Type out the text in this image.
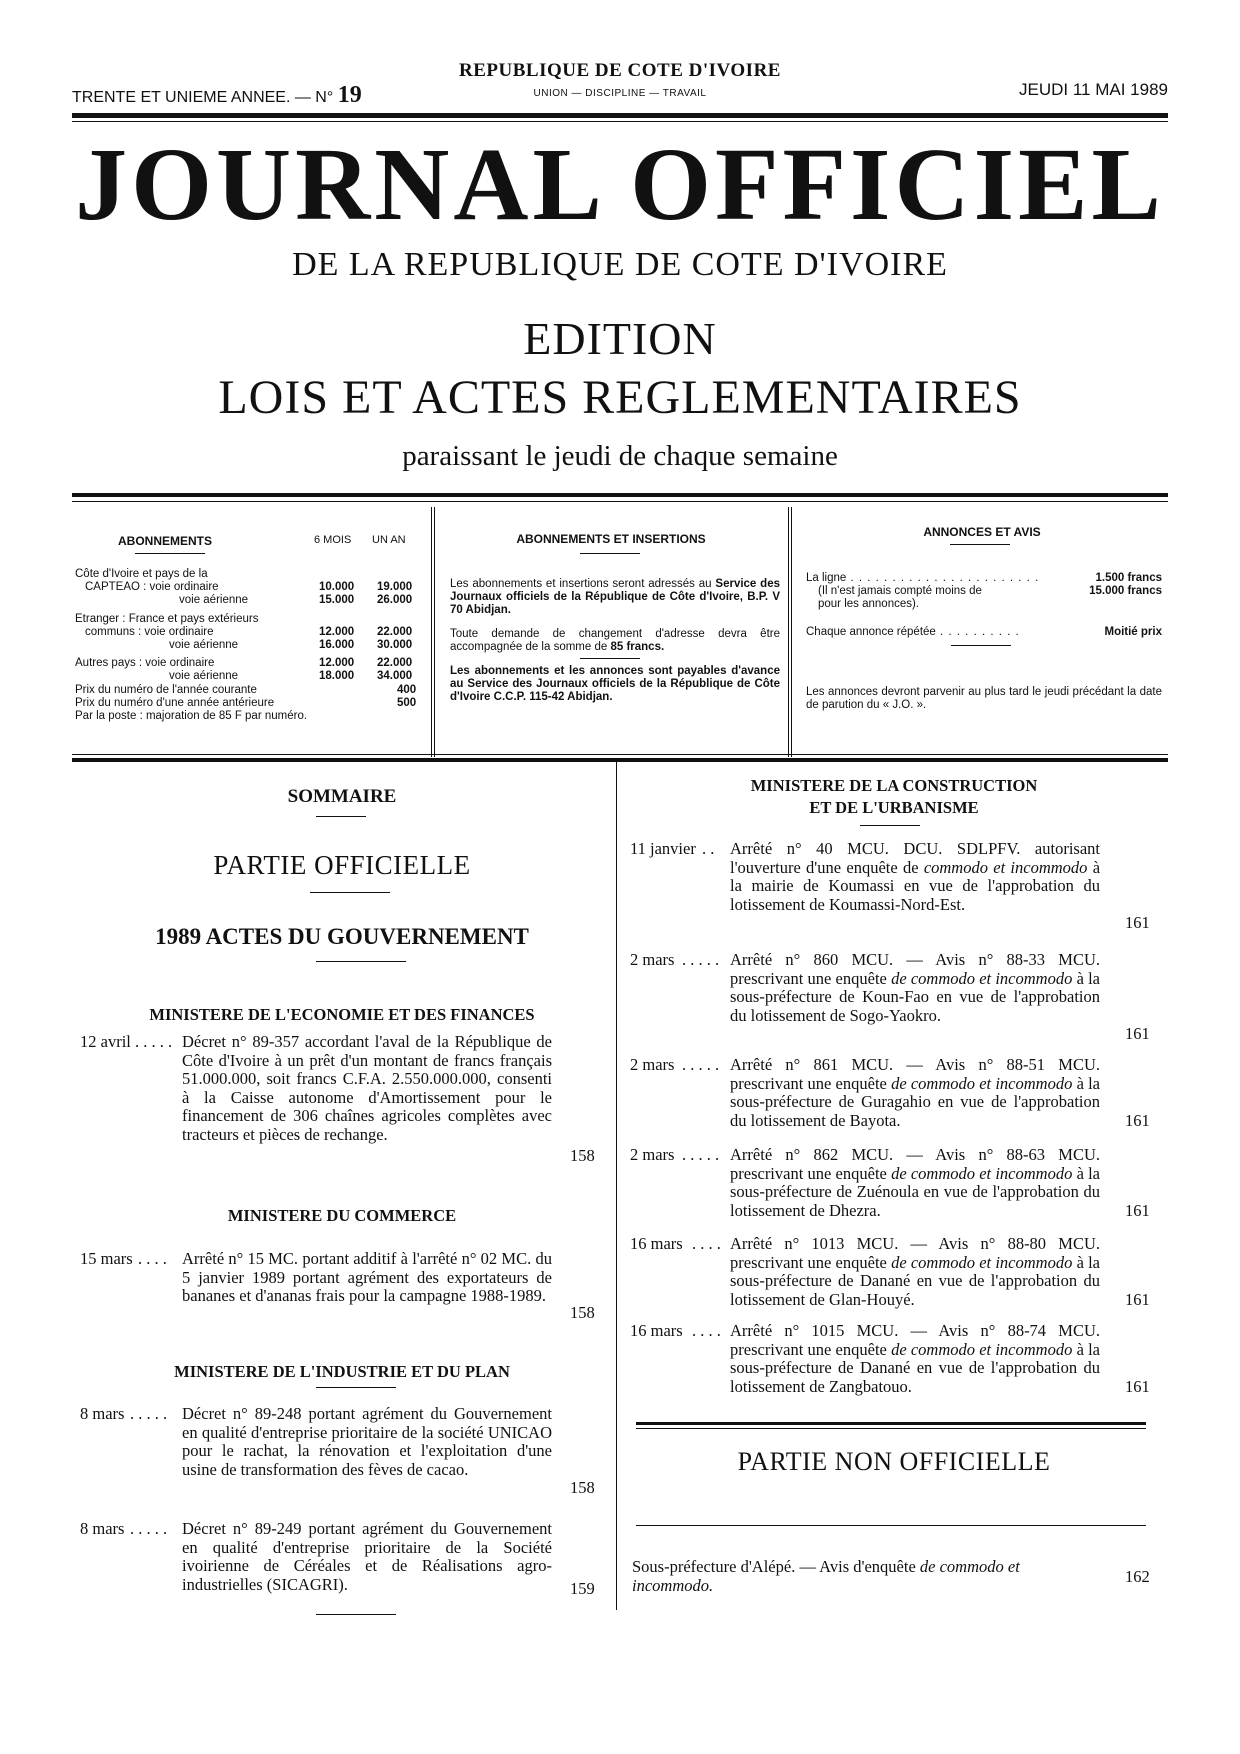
TRENTE ET UNIEME ANNEE. — N° 19
REPUBLIQUE DE COTE D'IVOIRE
UNION — DISCIPLINE — TRAVAIL	JEUDI 11 MAI 1989
JOURNAL OFFICIEL
DE LA REPUBLIQUE DE COTE D'IVOIRE
EDITION
LOIS ET ACTES REGLEMENTAIRES
paraissant le jeudi de chaque semaine
ABONNEMENTS	6 MOIS UN AN
Côte d'Ivoire et pays de la
CAPTEAO : voie ordinaire	10.000 19.000
voie aérienne	15.000 26.000
Etranger : France et pays extérieurs
communs : voie ordinaire	12.000 22.000
voie aérienne	16.000 30.000
Autres pays : voie ordinaire	12.000 22.000
voie aérienne	18.000 34.000
Prix du numéro de l'année courante	400
Prix du numéro d'une année antérieure	500
Par la poste : majoration de 85 F par numéro.
ABONNEMENTS ET INSERTIONS
Les abonnements et insertions seront adressés au Service des Journaux officiels de la République de Côte d'Ivoire, B.P. V 70 Abidjan.
Toute demande de changement d'adresse devra être accompagnée de la somme de 85 francs.
Les abonnements et les annonces sont payables d'avance au Service des Journaux officiels de la République de Côte d'Ivoire C.C.P. 115-42 Abidjan.
ANNONCES ET AVIS
La ligne . . . . . . . . . . . . . . . . . . . . . . .	1.500 francs
(Il n'est jamais compté moins de	15.000 francs
pour les annonces).
Chaque annonce répétée . . . . . . . . . .	Moitié prix
Les annonces devront parvenir au plus tard le jeudi précédant la date de parution du « J.O. ».
SOMMAIRE
PARTIE OFFICIELLE
1989 ACTES DU GOUVERNEMENT
MINISTERE DE L'ECONOMIE ET DES FINANCES
12 avril . . . . . Décret n° 89-357 accordant l'aval de la République de Côte d'Ivoire à un prêt d'un montant de francs français 51.000.000, soit francs C.F.A. 2.550.000.000, consenti à la Caisse autonome d'Amortissement pour le financement de 306 chaînes agricoles complètes avec tracteurs et pièces de rechange.
158
MINISTERE DU COMMERCE
15 mars . . . . Arrêté n° 15 MC. portant additif à l'arrêté n° 02 MC. du 5 janvier 1989 portant agrément des exportateurs de bananes et d'ananas frais pour la campagne 1988-1989.
158
MINISTERE DE L'INDUSTRIE ET DU PLAN
8 mars . . . . . Décret n° 89-248 portant agrément du Gouvernement en qualité d'entreprise prioritaire de la société UNICAO pour le rachat, la rénovation et l'exploitation d'une usine de transformation des fèves de cacao.
158
8 mars . . . . . Décret n° 89-249 portant agrément du Gouvernement en qualité d'entreprise prioritaire de la Société ivoirienne de Céréales et de Réalisations agro-industrielles (SICAGRI).	159
MINISTERE DE LA CONSTRUCTION
ET DE L'URBANISME
11 janvier . . Arrêté n° 40 MCU. DCU. SDLPFV. autorisant l'ouverture d'une enquête de commodo et incommodo à la mairie de Koumassi en vue de l'approbation du lotissement de Koumassi-Nord-Est.
161
2 mars . . . . . Arrêté n° 860 MCU. — Avis n° 88-33 MCU. prescrivant une enquête de commodo et incommodo à la sous-préfecture de Koun-Fao en vue de l'approbation du lotissement de Sogo-Yaokro.
161
2 mars . . . . . Arrêté n° 861 MCU. — Avis n° 88-51 MCU. prescrivant une enquête de commodo et incommodo à la sous-préfecture de Guragahio en vue de l'approbation du lotissement de Bayota.	161
2 mars . . . . . Arrêté n° 862 MCU. — Avis n° 88-63 MCU. prescrivant une enquête de commodo et incommodo à la sous-préfecture de Zuénoula en vue de l'approbation du lotissement de Dhezra.	161
16 mars . . . . Arrêté n° 1013 MCU. — Avis n° 88-80 MCU. prescrivant une enquête de commodo et incommodo à la sous-préfecture de Danané en vue de l'approbation du lotissement de Glan-Houyé.	161
16 mars . . . . Arrêté n° 1015 MCU. — Avis n° 88-74 MCU. prescrivant une enquête de commodo et incommodo à la sous-préfecture de Danané en vue de l'approbation du lotissement de Zangbatouo.	161
PARTIE NON OFFICIELLE
Sous-préfecture d'Alépé. — Avis d'enquête de commodo et incommodo.	162
